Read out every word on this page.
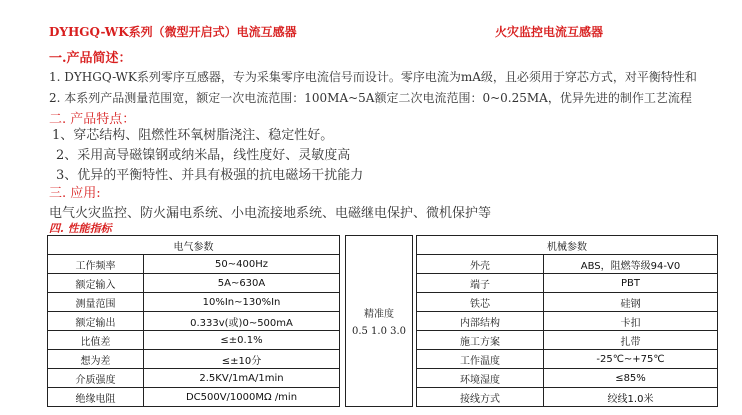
DYHGQ-WK系列（微型开启式）电流互感器	火灾监控电流互感器
一.产品简述：
1. DYHGQ-WK系列零序互感器，专为采集零序电流信号而设计。零序电流为mA级，且必须用于穿芯方式，对平衡特性和
2. 本系列产品测量范围宽，额定一次电流范围：100MA~5A额定二次电流范围：0~0.25MA，优异先进的制作工艺流程
二. 产品特点：
1、穿芯结构、阻燃性环氧树脂浇注、稳定性好。
2、采用高导磁镍钢或纳米晶，线性度好、灵敏度高
3、优异的平衡特性、并具有极强的抗电磁场干扰能力
三. 应用:
电气火灾监控、防火漏电系统、小电流接地系统、电磁继电保护、微机保护等
四. 性能指标
电气参数	
工作频率	50~400Hz
额定输入	5A~630A
测量范围	10%In~130%In
额定输出	0.333v(或)0~500mA
比值差	≤±0.1%
想为差	≤±10分
介质强度	2.5KV/1mA/1min
绝缘电阻	DC500V/1000MΩ /min
精准度
0.5 1.0 3.0
机械参数	
外壳	ABS，阻燃等级94-V0
端子	PBT
铁芯	硅钢
内部结构	卡扣
施工方案	扎带
工作温度	-25℃~+75℃
环境湿度	≤85%
接线方式	绞线1.0米
